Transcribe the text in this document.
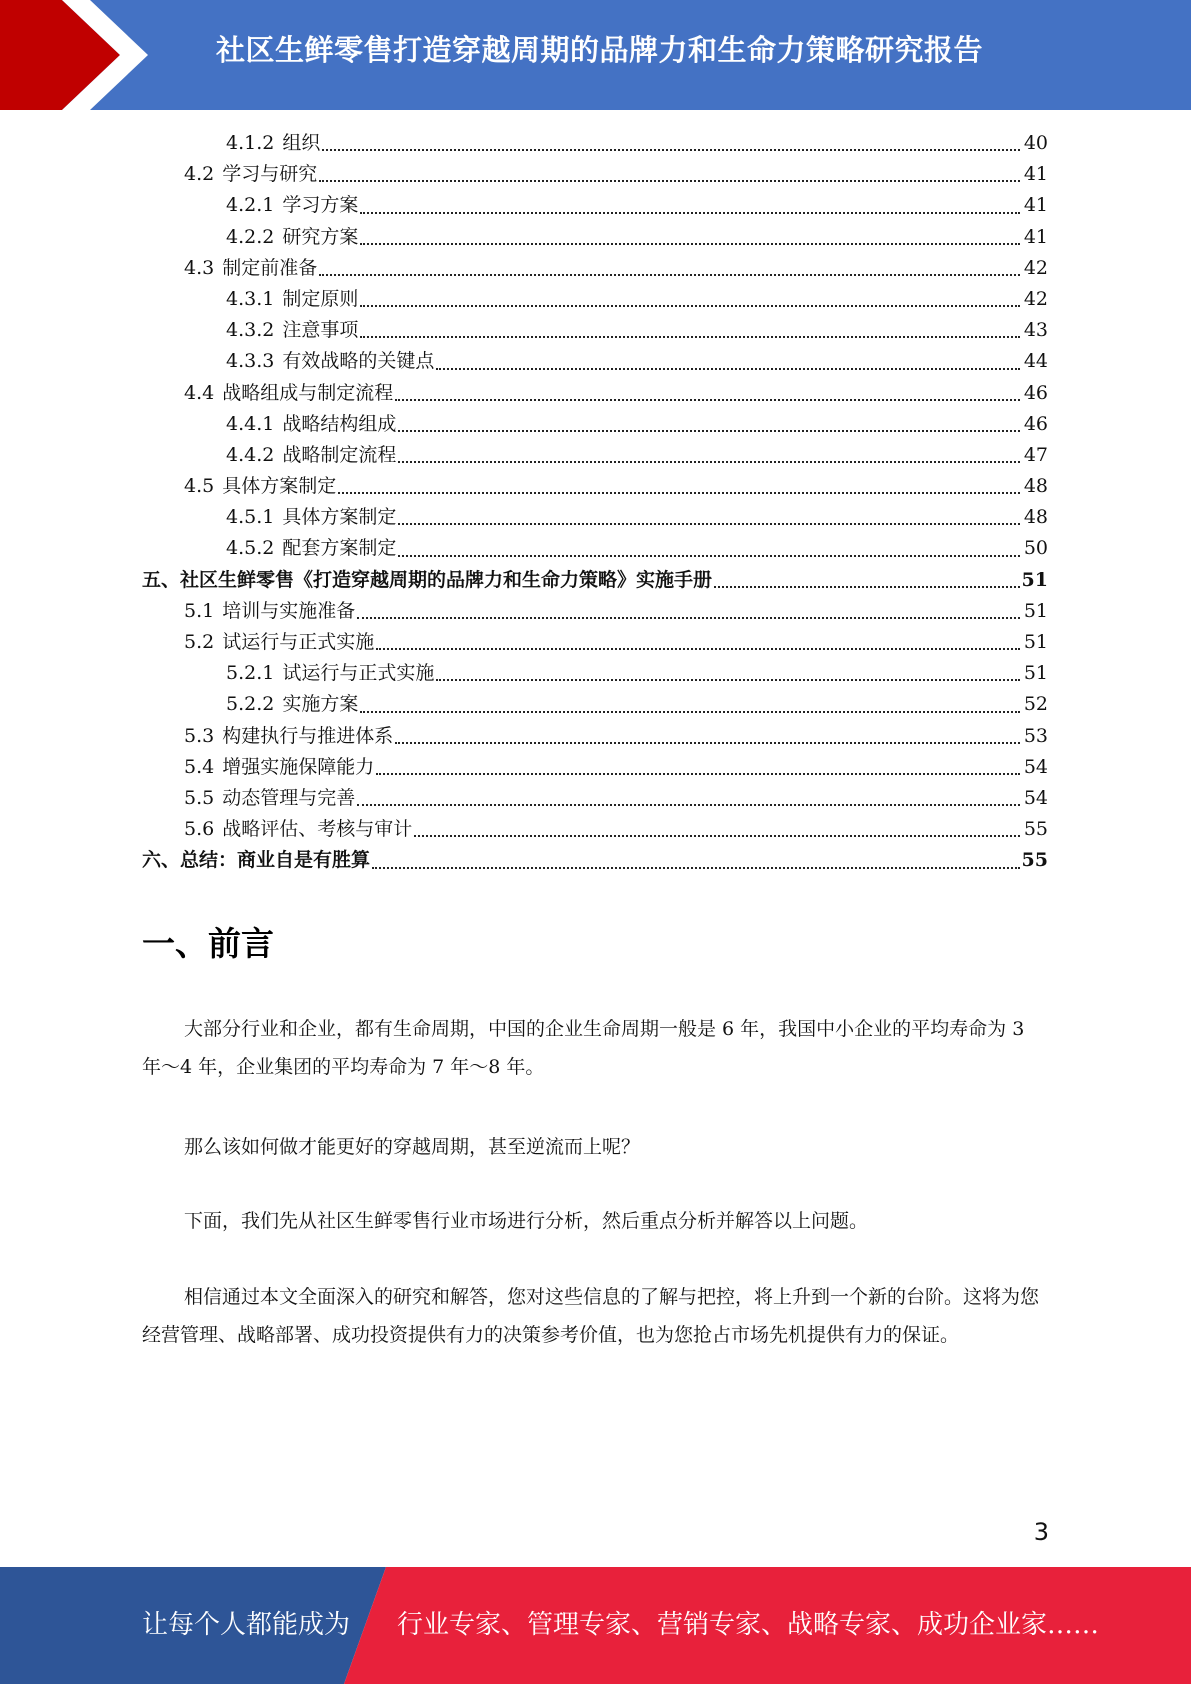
社区生鲜零售打造穿越周期的品牌力和生命力策略研究报告
4.1.2 组织	40
4.2 学习与研究	41
4.2.1 学习方案	41
4.2.2 研究方案	41
4.3 制定前准备	42
4.3.1 制定原则	42
4.3.2 注意事项	43
4.3.3 有效战略的关键点	44
4.4 战略组成与制定流程	46
4.4.1 战略结构组成	46
4.4.2 战略制定流程	47
4.5 具体方案制定	48
4.5.1 具体方案制定	48
4.5.2 配套方案制定	50
五、社区生鲜零售《打造穿越周期的品牌力和生命力策略》实施手册	51
5.1 培训与实施准备	51
5.2 试运行与正式实施	51
5.2.1 试运行与正式实施	51
5.2.2 实施方案	52
5.3 构建执行与推进体系	53
5.4 增强实施保障能力	54
5.5 动态管理与完善	54
5.6 战略评估、考核与审计	55
六、总结：商业自是有胜算	55
一、前言

大部分行业和企业，都有生命周期，中国的企业生命周期一般是 6 年，我国中小企业的平均寿命为 3 年～4 年，企业集团的平均寿命为 7 年～8 年。

那么该如何做才能更好的穿越周期，甚至逆流而上呢？

下面，我们先从社区生鲜零售行业市场进行分析，然后重点分析并解答以上问题。

相信通过本文全面深入的研究和解答，您对这些信息的了解与把控，将上升到一个新的台阶。这将为您经营管理、战略部署、成功投资提供有力的决策参考价值，也为您抢占市场先机提供有力的保证。

3
让每个人都能成为 行业专家、管理专家、营销专家、战略专家、成功企业家……
